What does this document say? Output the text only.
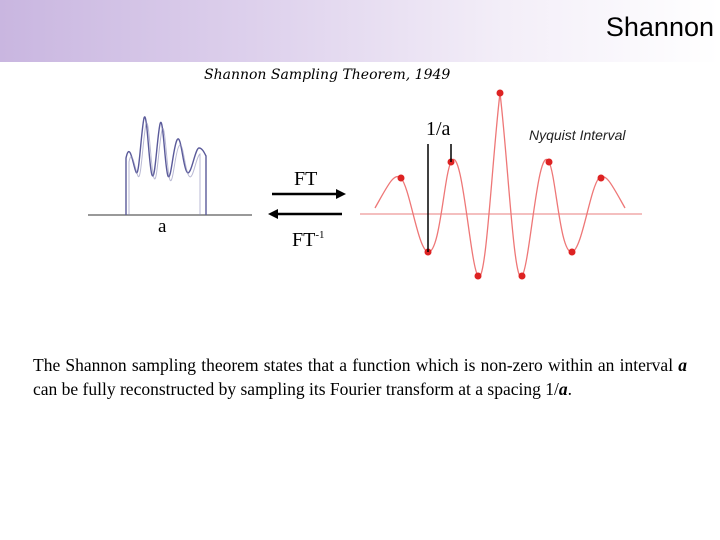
Shannon
Shannon Sampling Theorem, 1949
a
1/a	Nyquist Interval
FT
$FT^{-1}$
The Shannon sampling theorem states that a function which is non-zero within an interval a can be fully reconstructed by sampling its Fourier transform at a spacing 1/a.
